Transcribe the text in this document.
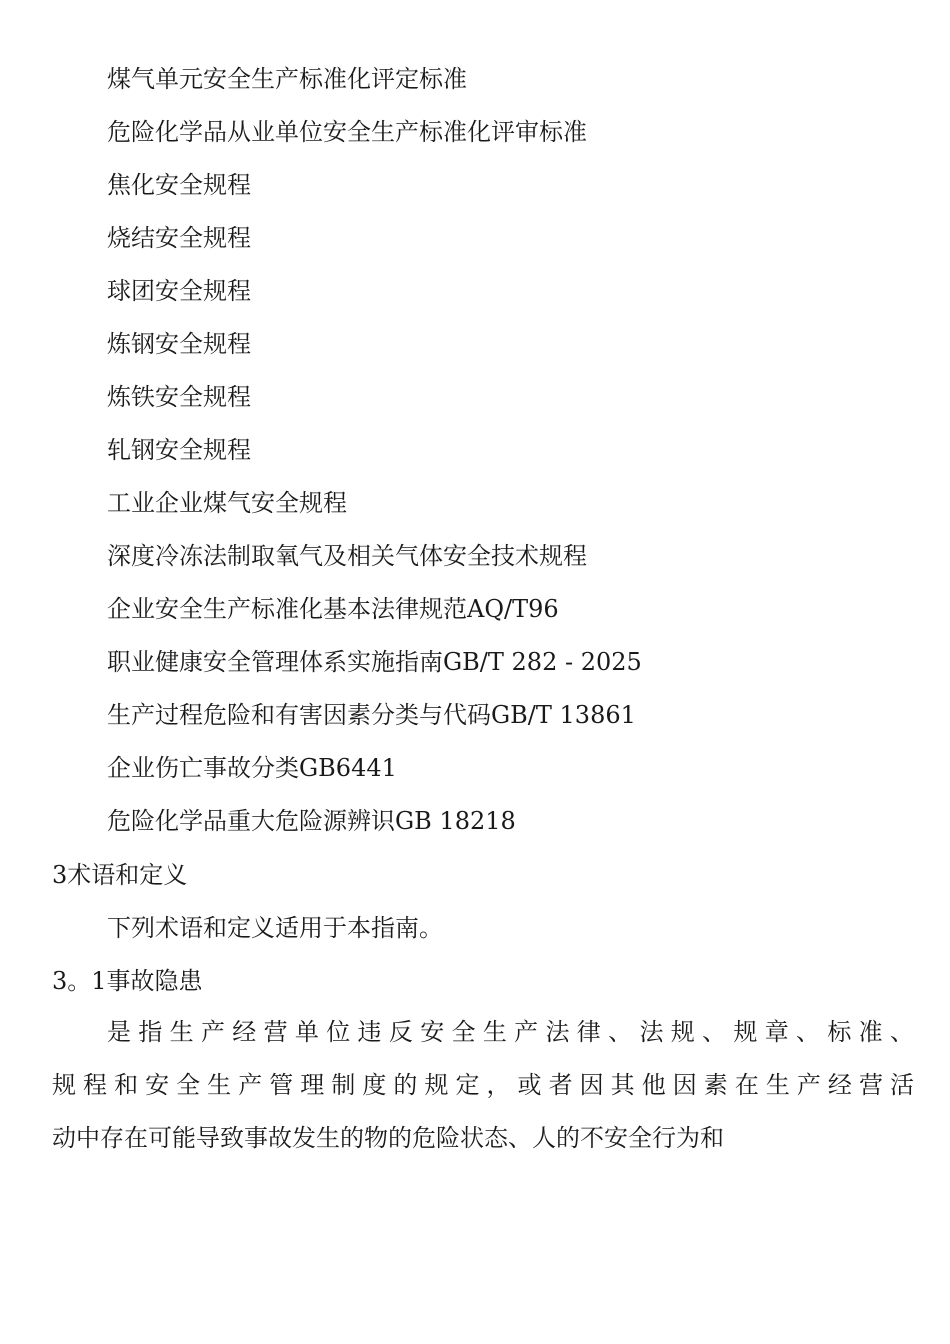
煤气单元安全生产标准化评定标准
危险化学品从业单位安全生产标准化评审标准
焦化安全规程
烧结安全规程
球团安全规程
炼钢安全规程
炼铁安全规程
轧钢安全规程
工业企业煤气安全规程
深度冷冻法制取氧气及相关气体安全技术规程
企业安全生产标准化基本法律规范AQ/T96
职业健康安全管理体系实施指南GB/T 282 - 2025
生产过程危险和有害因素分类与代码GB/T 13861
企业伤亡事故分类GB6441
危险化学品重大危险源辨识GB 18218
3术语和定义
下列术语和定义适用于本指南。
3。1事故隐患
是指生产经营单位违反安全生产法律、法规、规章、标准、
规程和安全生产管理制度的规定，或者因其他因素在生产经营活
动中存在可能导致事故发生的物的危险状态、人的不安全行为和
